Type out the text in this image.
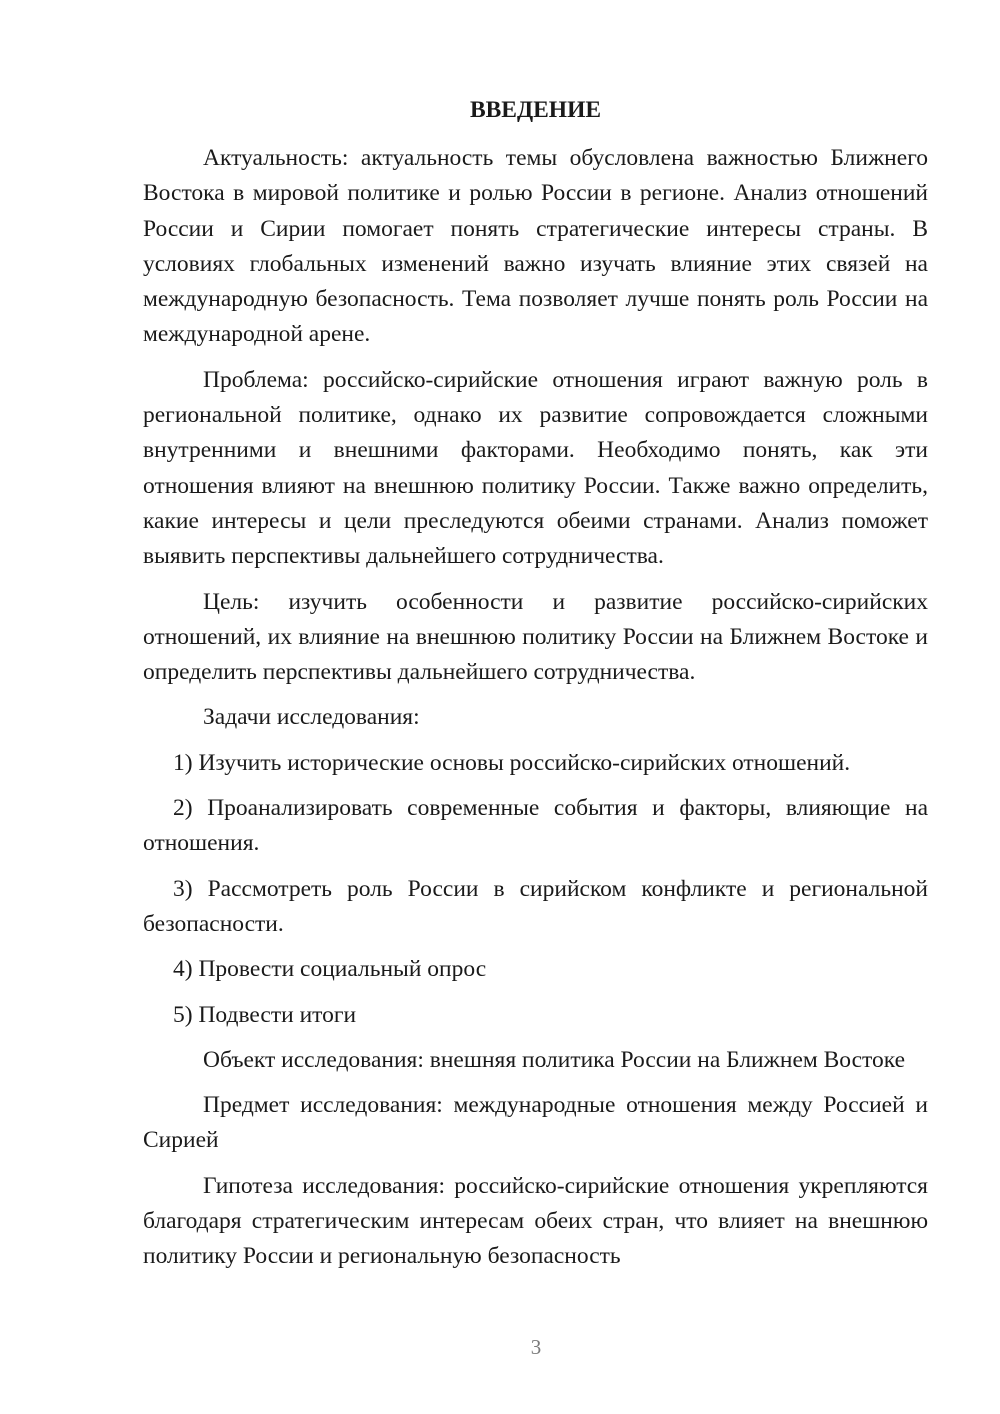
ВВЕДЕНИЕ

Актуальность: актуальность темы обусловлена важностью Ближнего Востока в мировой политике и ролью России в регионе. Анализ отношений России и Сирии помогает понять стратегические интересы страны. В условиях глобальных изменений важно изучать влияние этих связей на международную безопасность. Тема позволяет лучше понять роль России на международной арене.

Проблема: российско-сирийские отношения играют важную роль в региональной политике, однако их развитие сопровождается сложными внутренними и внешними факторами. Необходимо понять, как эти отношения влияют на внешнюю политику России. Также важно определить, какие интересы и цели преследуются обеими странами. Анализ поможет выявить перспективы дальнейшего сотрудничества.

Цель: изучить особенности и развитие российско-сирийских отношений, их влияние на внешнюю политику России на Ближнем Востоке и определить перспективы дальнейшего сотрудничества.

Задачи исследования:

1) Изучить исторические основы российско-сирийских отношений.
2) Проанализировать современные события и факторы, влияющие на отношения.
3) Рассмотреть роль России в сирийском конфликте и региональной безопасности.
4) Провести социальный опрос
5) Подвести итоги

Объект исследования: внешняя политика России на Ближнем Востоке

Предмет исследования: международные отношения между Россией и Сирией

Гипотеза исследования: российско-сирийские отношения укрепляются благодаря стратегическим интересам обеих стран, что влияет на внешнюю политику России и региональную безопасность

3
